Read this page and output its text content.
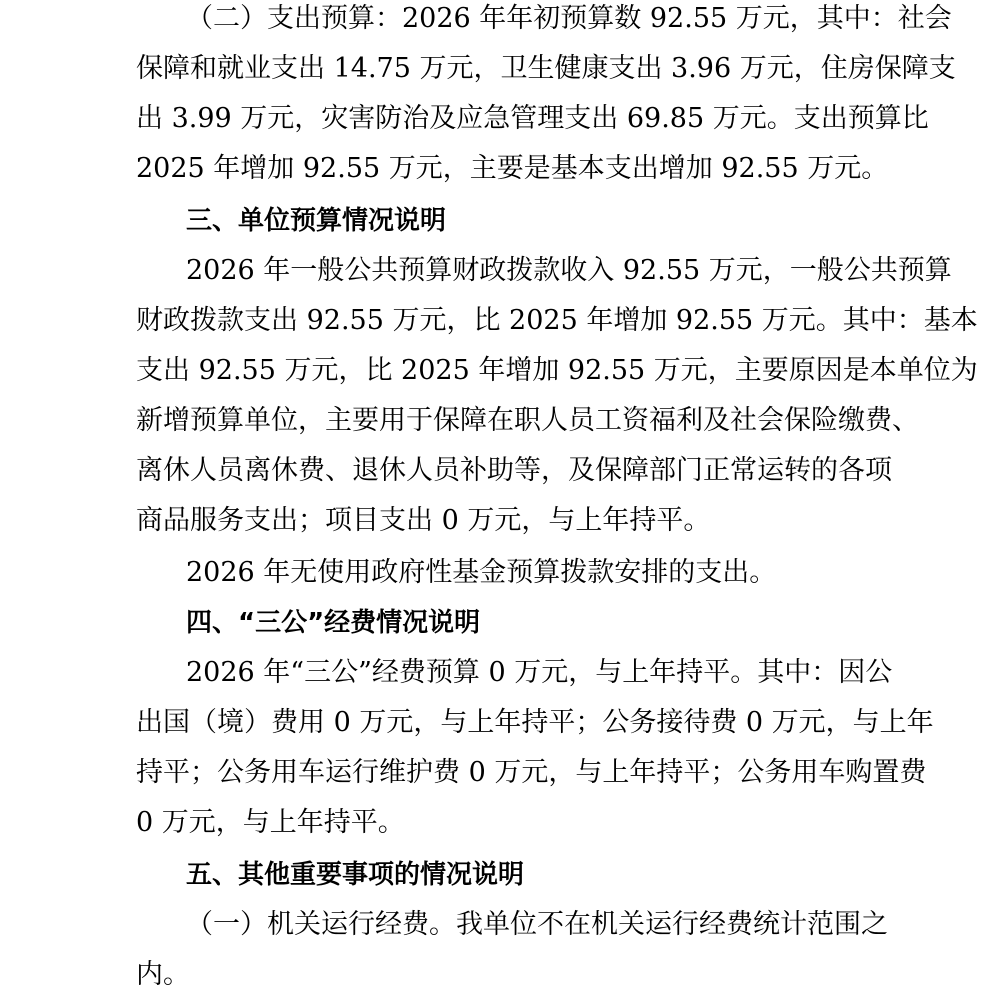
（二）支出预算：2026 年年初预算数 92.55 万元，其中：社会
保障和就业支出 14.75 万元，卫生健康支出 3.96 万元，住房保障支
出 3.99 万元，灾害防治及应急管理支出 69.85 万元。支出预算比
2025 年增加 92.55 万元，主要是基本支出增加 92.55 万元。
三、单位预算情况说明
2026 年一般公共预算财政拨款收入 92.55 万元，一般公共预算
财政拨款支出 92.55 万元，比 2025 年增加 92.55 万元。其中：基本
支出 92.55 万元，比 2025 年增加 92.55 万元，主要原因是本单位为
新增预算单位，主要用于保障在职人员工资福利及社会保险缴费、
离休人员离休费、退休人员补助等，及保障部门正常运转的各项
商品服务支出；项目支出 0 万元，与上年持平。
2026 年无使用政府性基金预算拨款安排的支出。
四、“三公”经费情况说明
2026 年“三公”经费预算 0 万元，与上年持平。其中：因公
出国（境）费用 0 万元，与上年持平；公务接待费 0 万元，与上年
持平；公务用车运行维护费 0 万元，与上年持平；公务用车购置费
0 万元，与上年持平。
五、其他重要事项的情况说明
（一）机关运行经费。我单位不在机关运行经费统计范围之
内。
